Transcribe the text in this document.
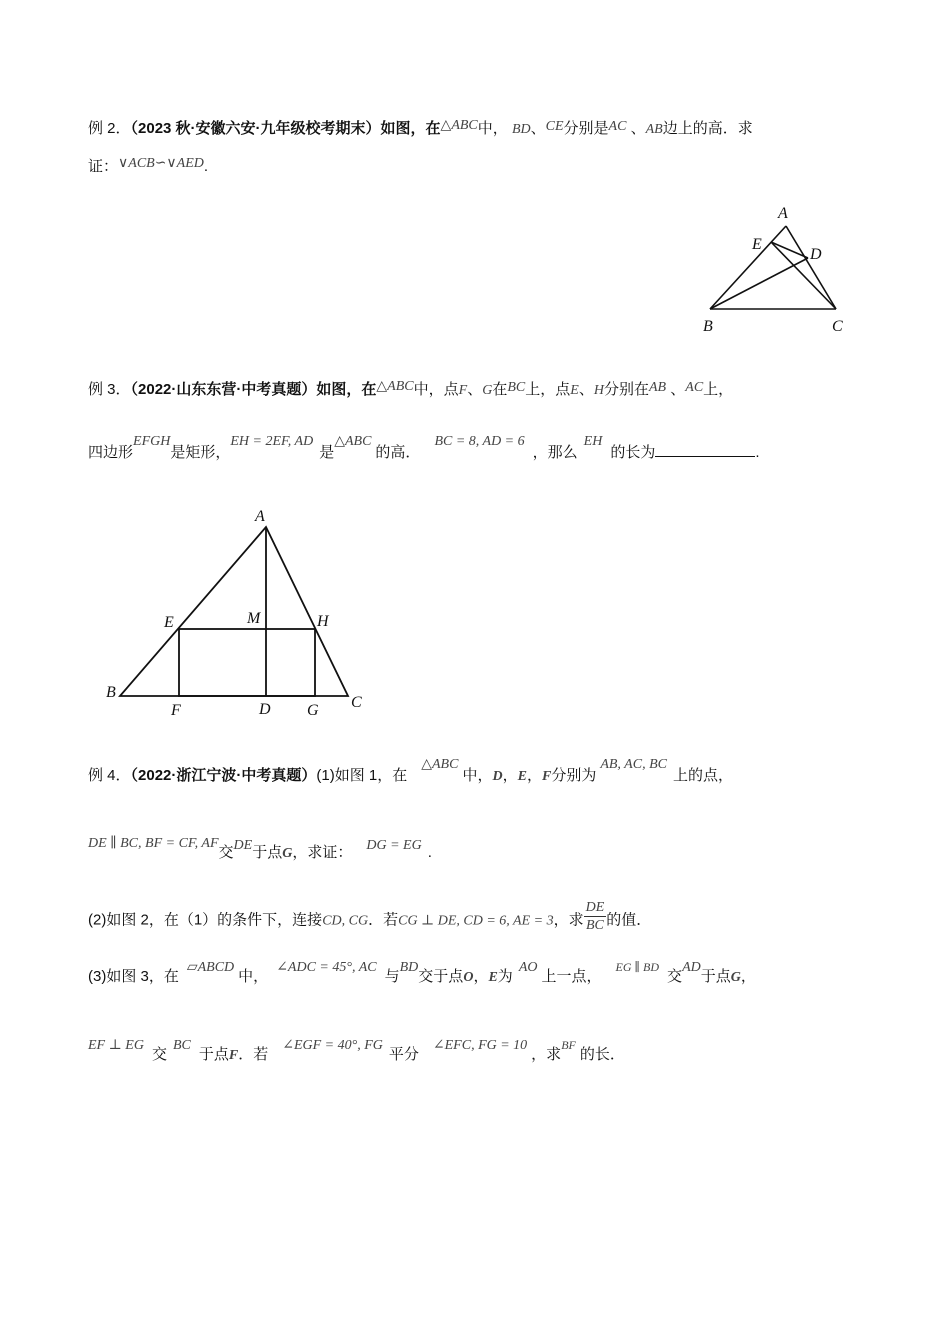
例 2．（2023 秋·安徽六安·九年级校考期末）如图，在△ABC中， BD、CE分别是AC 、AB边上的高．求
证：∨ACB∽∨AED.
A
E
D
B	C
例 3．（2022·山东东营·中考真题）如图，在△ABC中，点F、G在BC上，点E、H分别在AB 、AC上，
四边形EFGH是矩形，EH = 2EF, AD是△ABC的高．BC = 8, AD = 6，那么EH的长为	.
A
E	M	H
B
F	D G C
例 4．（2022·浙江宁波·中考真题）(1)如图 1，在△ABC中，D，E，F分别为AB, AC, BC上的点，
DE ∥ BC, BF = CF, AF交DE于点G，求证： DG = EG .
(2)如图 2，在（1）的条件下，连接CD, CG．若CG ⊥ DE, CD = 6, AE = 3，求 $\frac{DE}{BC}$ 的值．
(3)如图 3，在▱ABCD中，∠ADC = 45°, AC与BD交于点O，E为AO上一点，$^{EG \parallel BD}$交AD于点G，
EF ⊥ EG交BC于点F．若∠EGF = 40°, FG平分∠EFC, FG = 10，求$^{BF}$的长．
